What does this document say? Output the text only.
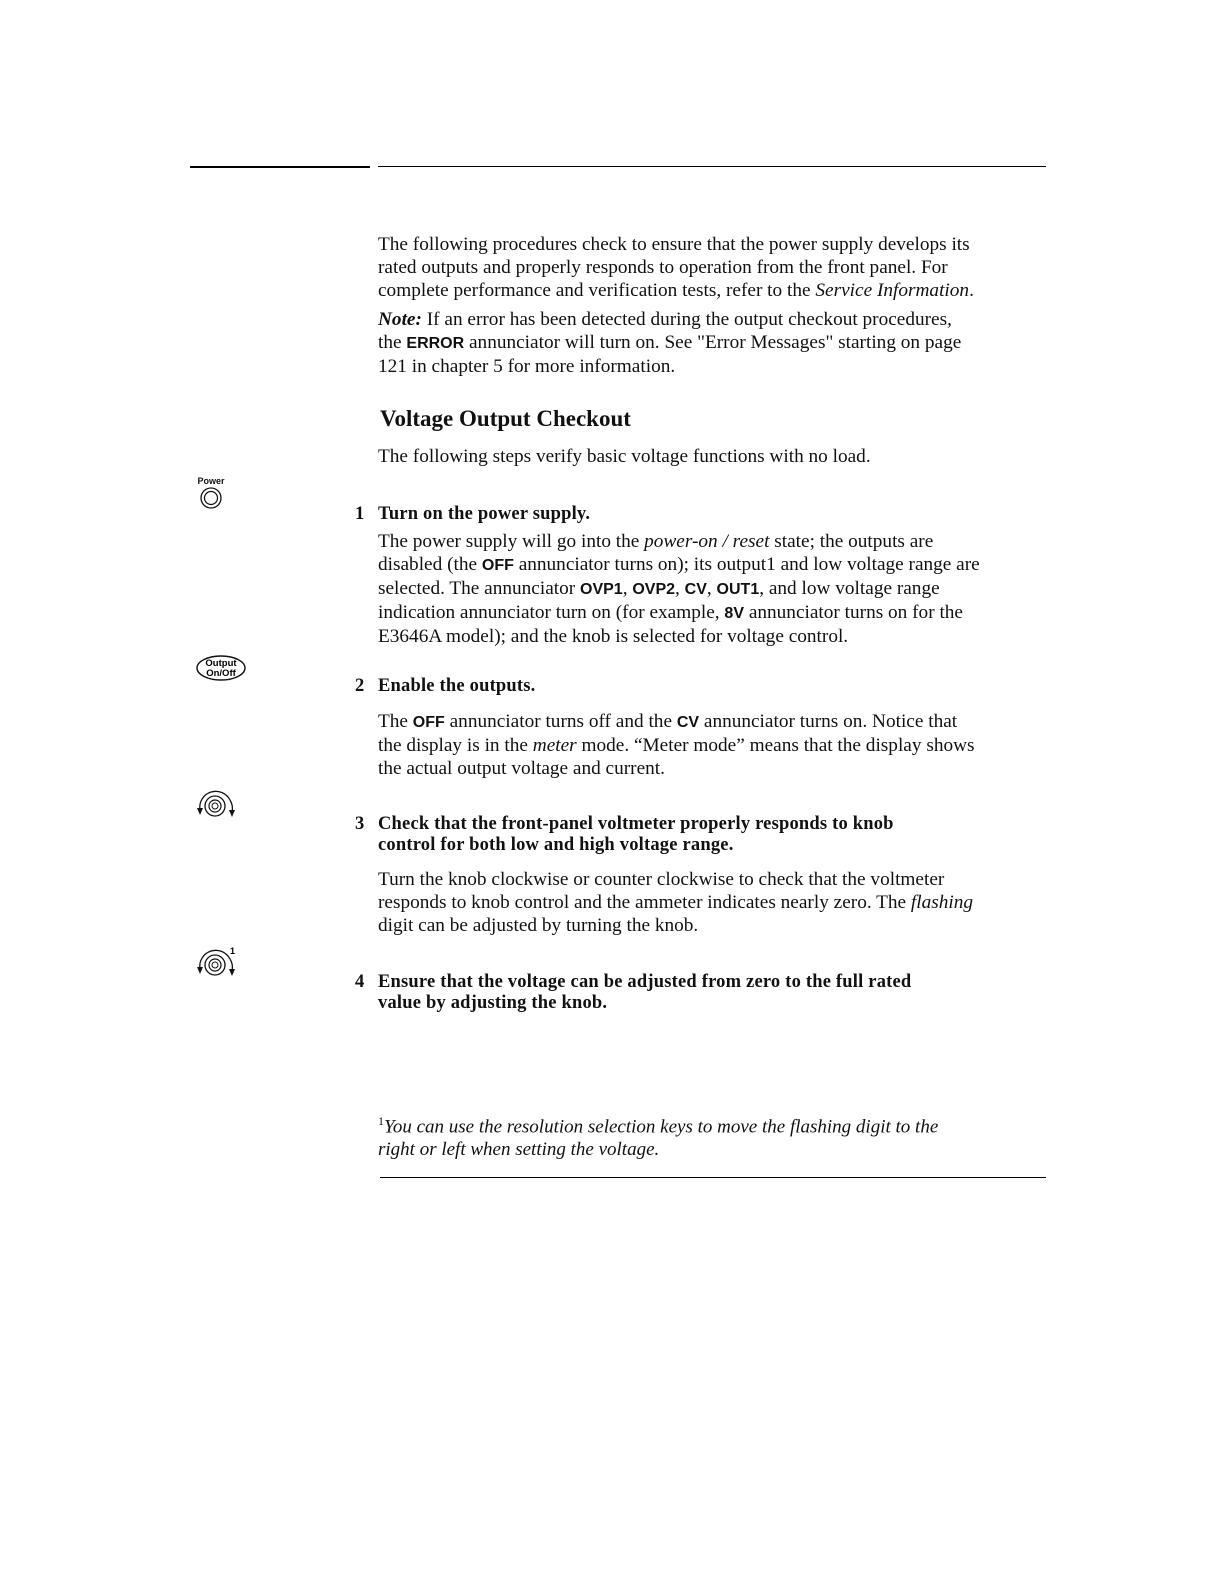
The following procedures check to ensure that the power supply develops its
rated outputs and properly responds to operation from the front panel. For
complete performance and verification tests, refer to the Service Information.

Note: If an error has been detected during the output checkout procedures,
the ERROR annunciator will turn on. See "Error Messages" starting on page
121 in chapter 5 for more information.

Voltage Output Checkout

The following steps verify basic voltage functions with no load.

Power
1 Turn on the power supply.

The power supply will go into the power-on / reset state; the outputs are
disabled (the OFF annunciator turns on); its output1 and low voltage range are
selected. The annunciator OVP1, OVP2, CV, OUT1, and low voltage range
indication annunciator turn on (for example, 8V annunciator turns on for the
E3646A model); and the knob is selected for voltage control.

Output
On/Off
2 Enable the outputs.

The OFF annunciator turns off and the CV annunciator turns on. Notice that
the display is in the meter mode. “Meter mode” means that the display shows
the actual output voltage and current.

3 Check that the front-panel voltmeter properly responds to knob
control for both low and high voltage range.

Turn the knob clockwise or counter clockwise to check that the voltmeter
responds to knob control and the ammeter indicates nearly zero. The flashing
digit can be adjusted by turning the knob.

1
4 Ensure that the voltage can be adjusted from zero to the full rated
value by adjusting the knob.

$^1$You can use the resolution selection keys to move the flashing digit to the
right or left when setting the voltage.
